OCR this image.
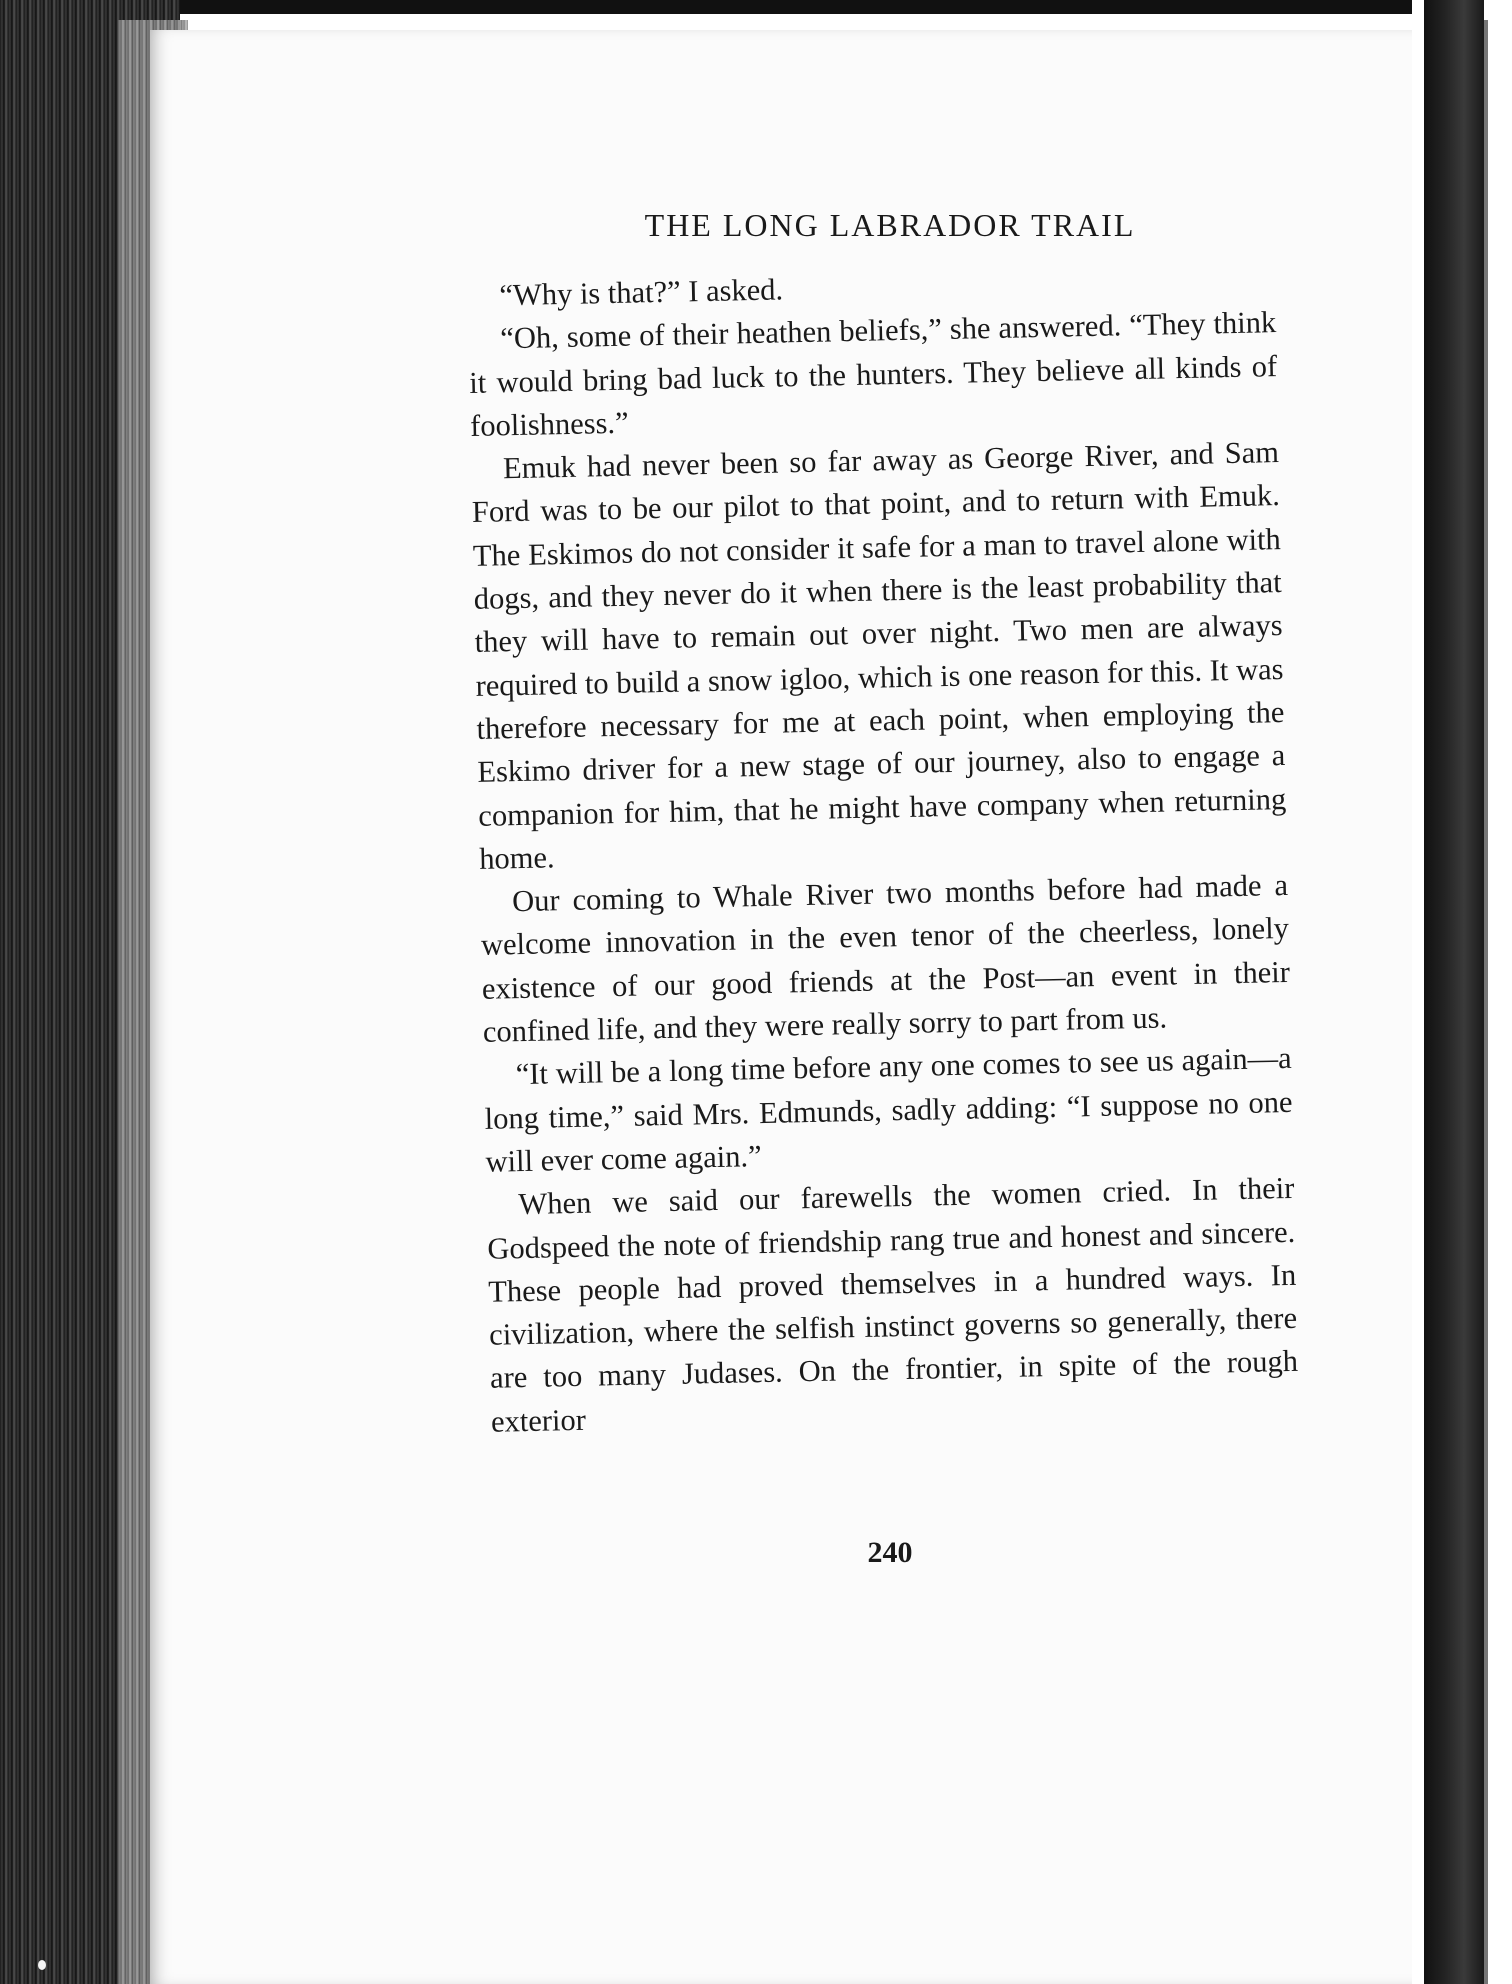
THE LONG LABRADOR TRAIL

“Why is that?” I asked.

“Oh, some of their heathen beliefs,” she answered. “They think it would bring bad luck to the hunters. They believe all kinds of foolishness.”

Emuk had never been so far away as George River, and Sam Ford was to be our pilot to that point, and to return with Emuk. The Eskimos do not consider it safe for a man to travel alone with dogs, and they never do it when there is the least probability that they will have to remain out over night. Two men are always required to build a snow igloo, which is one reason for this. It was therefore necessary for me at each point, when employing the Eskimo driver for a new stage of our journey, also to engage a companion for him, that he might have company when returning home.

Our coming to Whale River two months before had made a welcome innovation in the even tenor of the cheerless, lonely existence of our good friends at the Post—an event in their confined life, and they were really sorry to part from us.

“It will be a long time before any one comes to see us again—a long time,” said Mrs. Edmunds, sadly adding: “I suppose no one will ever come again.”

When we said our farewells the women cried. In their Godspeed the note of friendship rang true and honest and sincere. These people had proved themselves in a hundred ways. In civilization, where the selfish instinct governs so generally, there are too many Judases. On the frontier, in spite of the rough exterior

240
